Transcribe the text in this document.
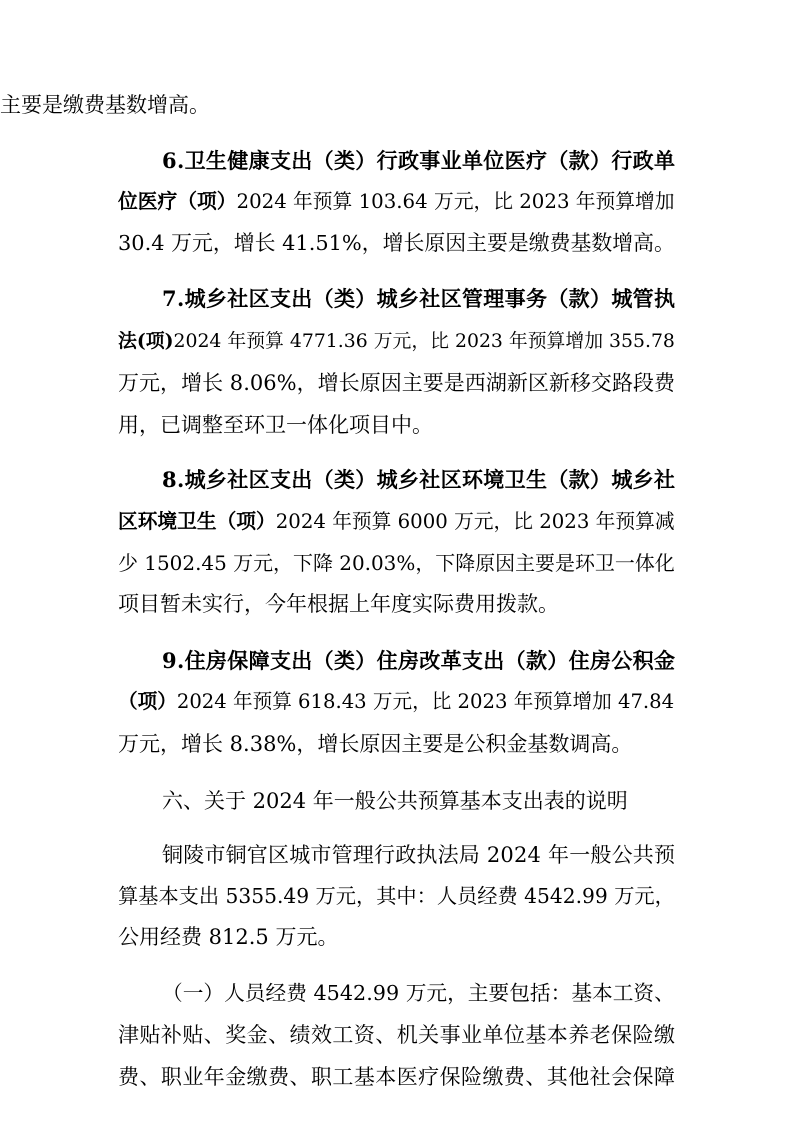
主要是缴费基数增高。
6.卫生健康支出（类）行政事业单位医疗（款）行政单
位医疗（项）2024 年预算 103.64 万元，比 2023 年预算增加
30.4 万元，增长 41.51%，增长原因主要是缴费基数增高。
7.城乡社区支出（类）城乡社区管理事务（款）城管执
法(项)2024 年预算 4771.36 万元，比 2023 年预算增加 355.78
万元，增长 8.06%，增长原因主要是西湖新区新移交路段费
用，已调整至环卫一体化项目中。
8.城乡社区支出（类）城乡社区环境卫生（款）城乡社
区环境卫生（项）2024 年预算 6000 万元，比 2023 年预算减
少 1502.45 万元，下降 20.03%，下降原因主要是环卫一体化
项目暂未实行，今年根据上年度实际费用拨款。
9.住房保障支出（类）住房改革支出（款）住房公积金
（项）2024 年预算 618.43 万元，比 2023 年预算增加 47.84
万元，增长 8.38%，增长原因主要是公积金基数调高。
六、关于 2024 年一般公共预算基本支出表的说明
铜陵市铜官区城市管理行政执法局 2024 年一般公共预
算基本支出 5355.49 万元，其中：人员经费 4542.99 万元，
公用经费 812.5 万元。
（一）人员经费 4542.99 万元，主要包括：基本工资、
津贴补贴、奖金、绩效工资、机关事业单位基本养老保险缴
费、职业年金缴费、职工基本医疗保险缴费、其他社会保障
